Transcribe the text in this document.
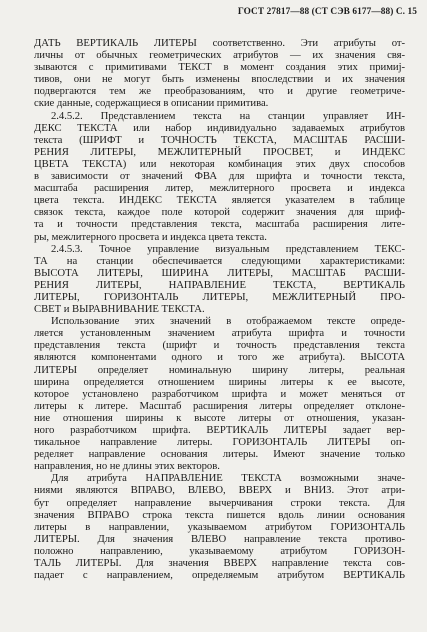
ГОСТ 27817—88 (СТ СЭВ 6177—88) С. 15
ДАТЬ ВЕРТИКАЛЬ ЛИТЕРЫ соответственно. Эти атрибуты от-
личны от обычных геометрических атрибутов — их значения свя-
зываются с примитивами ТЕКСТ в момент создания этих примиј-
тивов, они не могут быть изменены впоследствии и их значения
подвергаются тем же преобразованиям, что и другие геометриче-
ские данные, содержащиеся в описании примитива.
2.4.5.2. Представлением текста на станции управляет ИН-
ДЕКС ТЕКСТА или набор индивидуально задаваемых атрибутов
текста (ШРИФТ и ТОЧНОСТЬ ТЕКСТА, МАСШТАБ РАСШИ-
РЕНИЯ ЛИТЕРЫ, МЕЖЛИТЕРНЫЙ ПРОСВЕТ, и ИНДЕКС
ЦВЕТА ТЕКСТА) или некоторая комбинация этих двух способов
в зависимости от значений ФВА для шрифта и точности текста,
масштаба расширения литер, межлитерного просвета и индекса
цвета текста. ИНДЕКС ТЕКСТА является указателем в таблице
связок текста, каждое поле которой содержит значения для шриф-
та и точности представления текста, масштаба расширения лите-
ры, межлитерного просвета и индекса цвета текста.
2.4.5.3. Точное управление визуальным представлением ТЕКС-
ТА на станции обеспечивается следующими характеристиками:
ВЫСОТА ЛИТЕРЫ, ШИРИНА ЛИТЕРЫ, МАСШТАБ РАСШИ-
РЕНИЯ ЛИТЕРЫ, НАПРАВЛЕНИЕ ТЕКСТА, ВЕРТИКАЛЬ
ЛИТЕРЫ, ГОРИЗОНТАЛЬ ЛИТЕРЫ, МЕЖЛИТЕРНЫЙ ПРО-
СВЕТ и ВЫРАВНИВАНИЕ ТЕКСТА.
Использование этих значений в отображаемом тексте опреде-
ляется установленным значением атрибута шрифта и точности
представления текста (шрифт и точность представления текста
являются компонентами одного и того же атрибута). ВЫСОТА
ЛИТЕРЫ определяет номинальную ширину литеры, реальная
ширина определяется отношением ширины литеры к ее высоте,
которое установлено разработчиком шрифта и может меняться от
литеры к литере. Масштаб расширения литеры определяет отклоне-
ние отношения ширины к высоте литеры от отношения, указан-
ного разработчиком шрифта. ВЕРТИКАЛЬ ЛИТЕРЫ задает вер-
тикальное направление литеры. ГОРИЗОНТАЛЬ ЛИТЕРЫ оп-
ределяет направление основания литеры. Имеют значение только
направления, но не длины этих векторов.
Для атрибута НАПРАВЛЕНИЕ ТЕКСТА возможными значе-
ниями являются ВПРАВО, ВЛЕВО, ВВЕРХ и ВНИЗ. Этот атри-
бут определяет направление вычерчивания строки текста. Для
значения ВПРАВО строка текста пишется вдоль линии основания
литеры в направлении, указываемом атрибутом ГОРИЗОНТАЛЬ
ЛИТЕРЫ. Для значения ВЛЕВО направление текста противо-
положно направлению, указываемому атрибутом ГОРИЗОН-
ТАЛЬ ЛИТЕРЫ. Для значения ВВЕРХ направление текста сов-
падает с направлением, определяемым атрибутом ВЕРТИКАЛЬ
